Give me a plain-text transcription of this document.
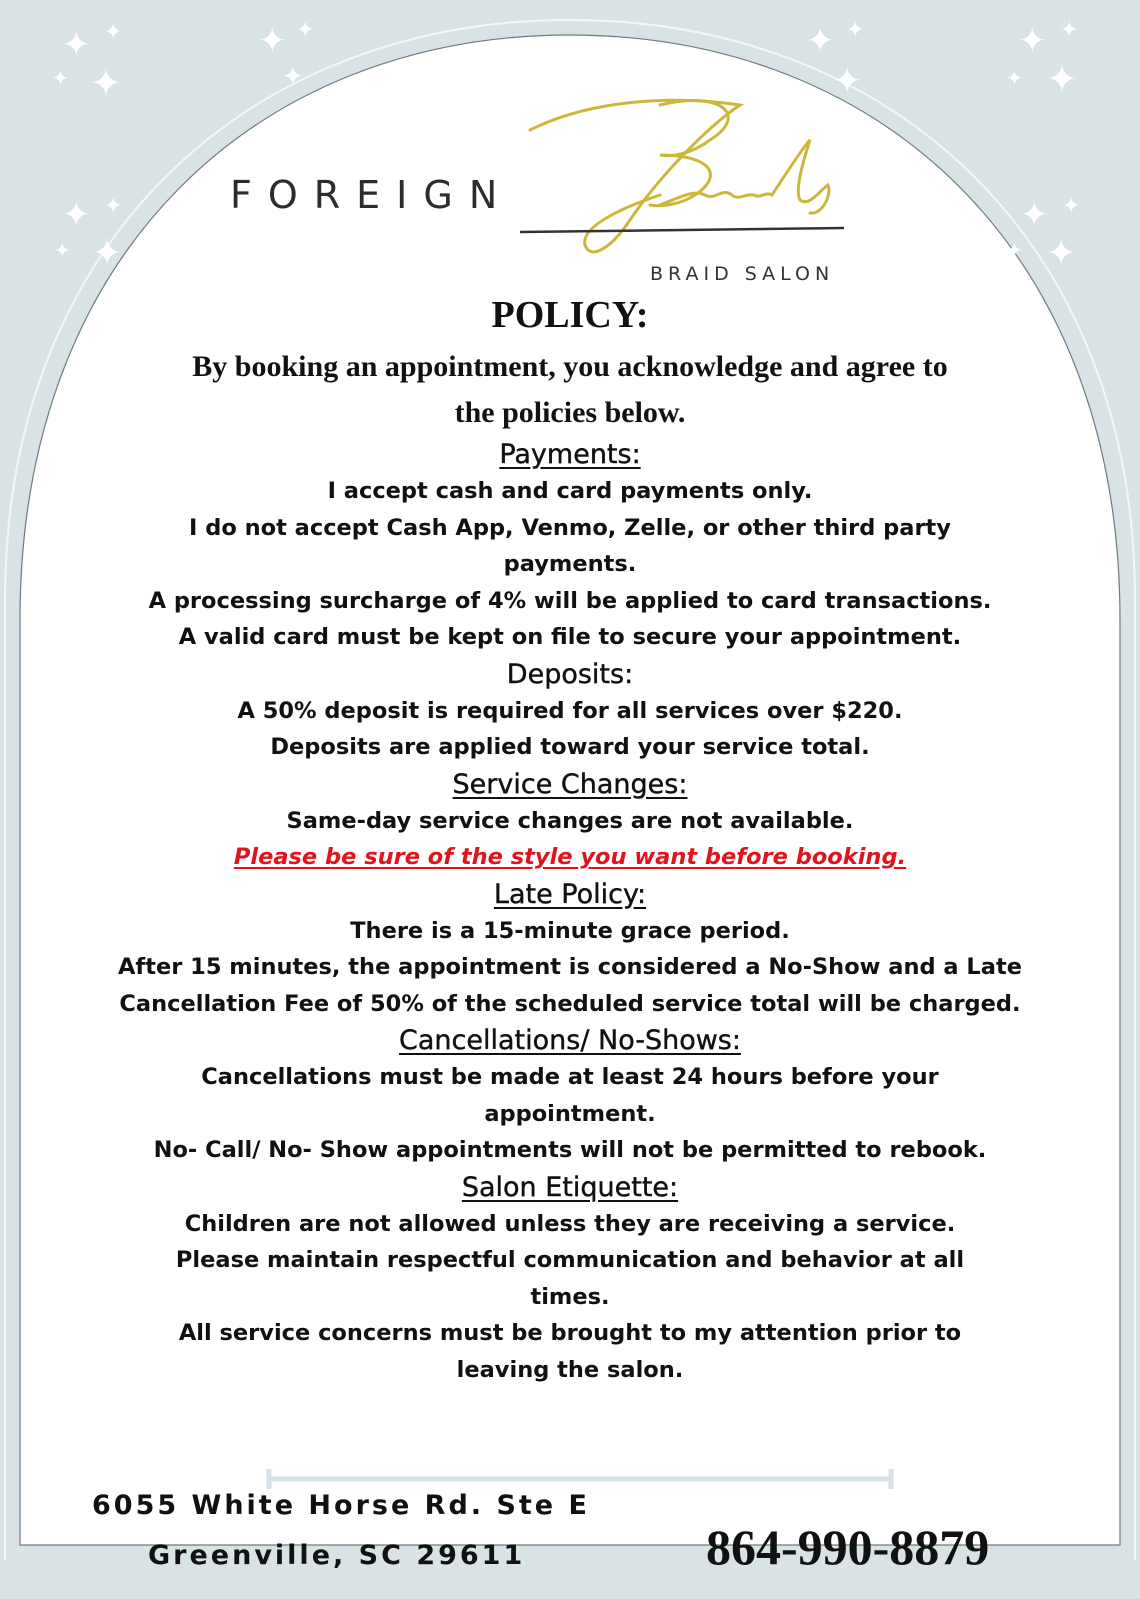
✦ ✦
✦
✦
✦ ✦
✦
✦ ✦
✦
✦ ✦
✦
✦
✦ ✦
✦
✦
✦ ✦
✦
✦
FOREIGN
BRAID SALON
POLICY:
By booking an appointment, you acknowledge and agree to the policies below.
Payments:
I accept cash and card payments only.
I do not accept Cash App, Venmo, Zelle, or other third party payments.
A processing surcharge of 4% will be applied to card transactions.
A valid card must be kept on file to secure your appointment.
Deposits:
A 50% deposit is required for all services over $220.
Deposits are applied toward your service total.
Service Changes:
Same-day service changes are not available.
Please be sure of the style you want before booking.
Late Policy:
There is a 15-minute grace period.
After 15 minutes, the appointment is considered a No-Show and a Late Cancellation Fee of 50% of the scheduled service total will be charged.
Cancellations/ No-Shows:
Cancellations must be made at least 24 hours before your appointment.
No- Call/ No- Show appointments will not be permitted to rebook.
Salon Etiquette:
Children are not allowed unless they are receiving a service.
Please maintain respectful communication and behavior at all times.
All service concerns must be brought to my attention prior to leaving the salon.
6055 White Horse Rd. Ste E
Greenville, SC 29611	864-990-8879
